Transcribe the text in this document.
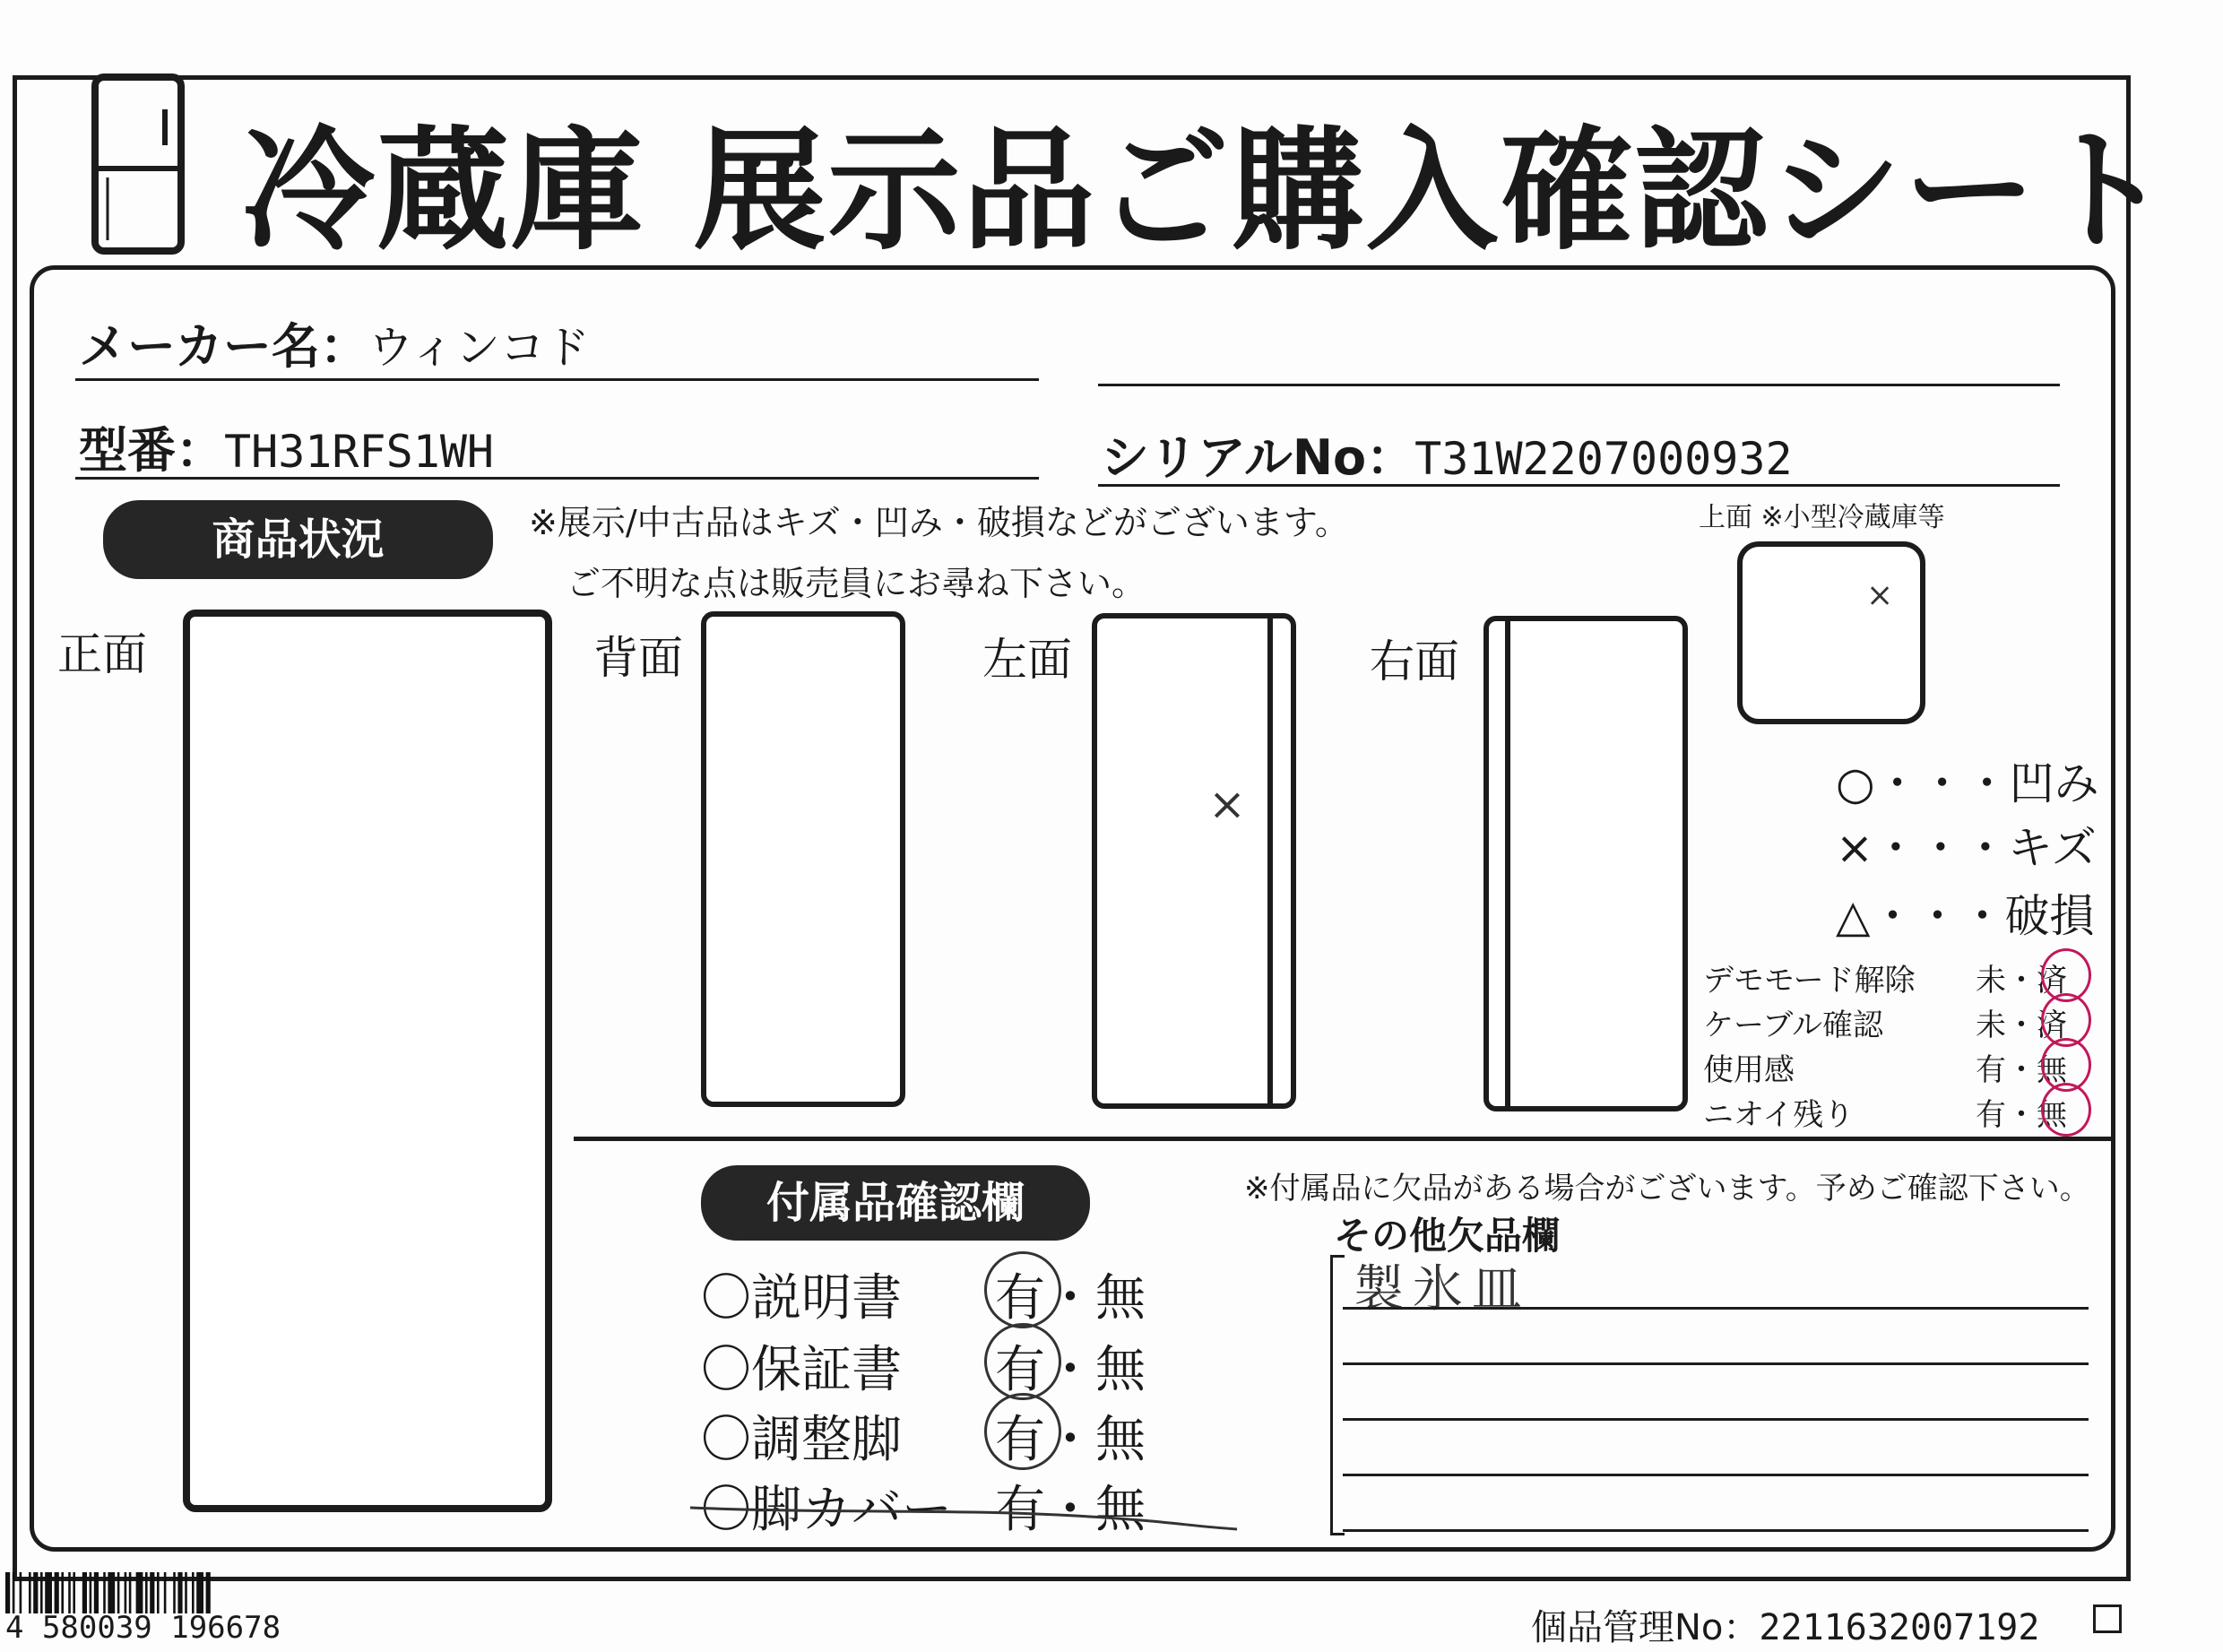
冷蔵庫 展示品ご購入確認シート
メーカー名：ウィンコド
型番：TH31RFS1WH	シリアルNo：T31W2207000932
商品状況	※展示/中古品はキズ・凹み・破損などがございます。
ご不明な点は販売員にお尋ね下さい。
正面	背面	左面	右面
上面 ※小型冷蔵庫等
×
×	○・・・凹み
×・・・キズ
△・・・破損
デモモード解除 未・済
ケーブル確認	未・済
使用感	有・無
ニオイ残り	有・無
付属品確認欄	※付属品に欠品がある場合がございます。予めご確認下さい。
〇説明書 有・無
〇保証書 有・無
〇調整脚 有・無
〇脚カバー 有・無
その他欠品欄
製氷皿
4 580039 196678	個品管理No：2211632007192
